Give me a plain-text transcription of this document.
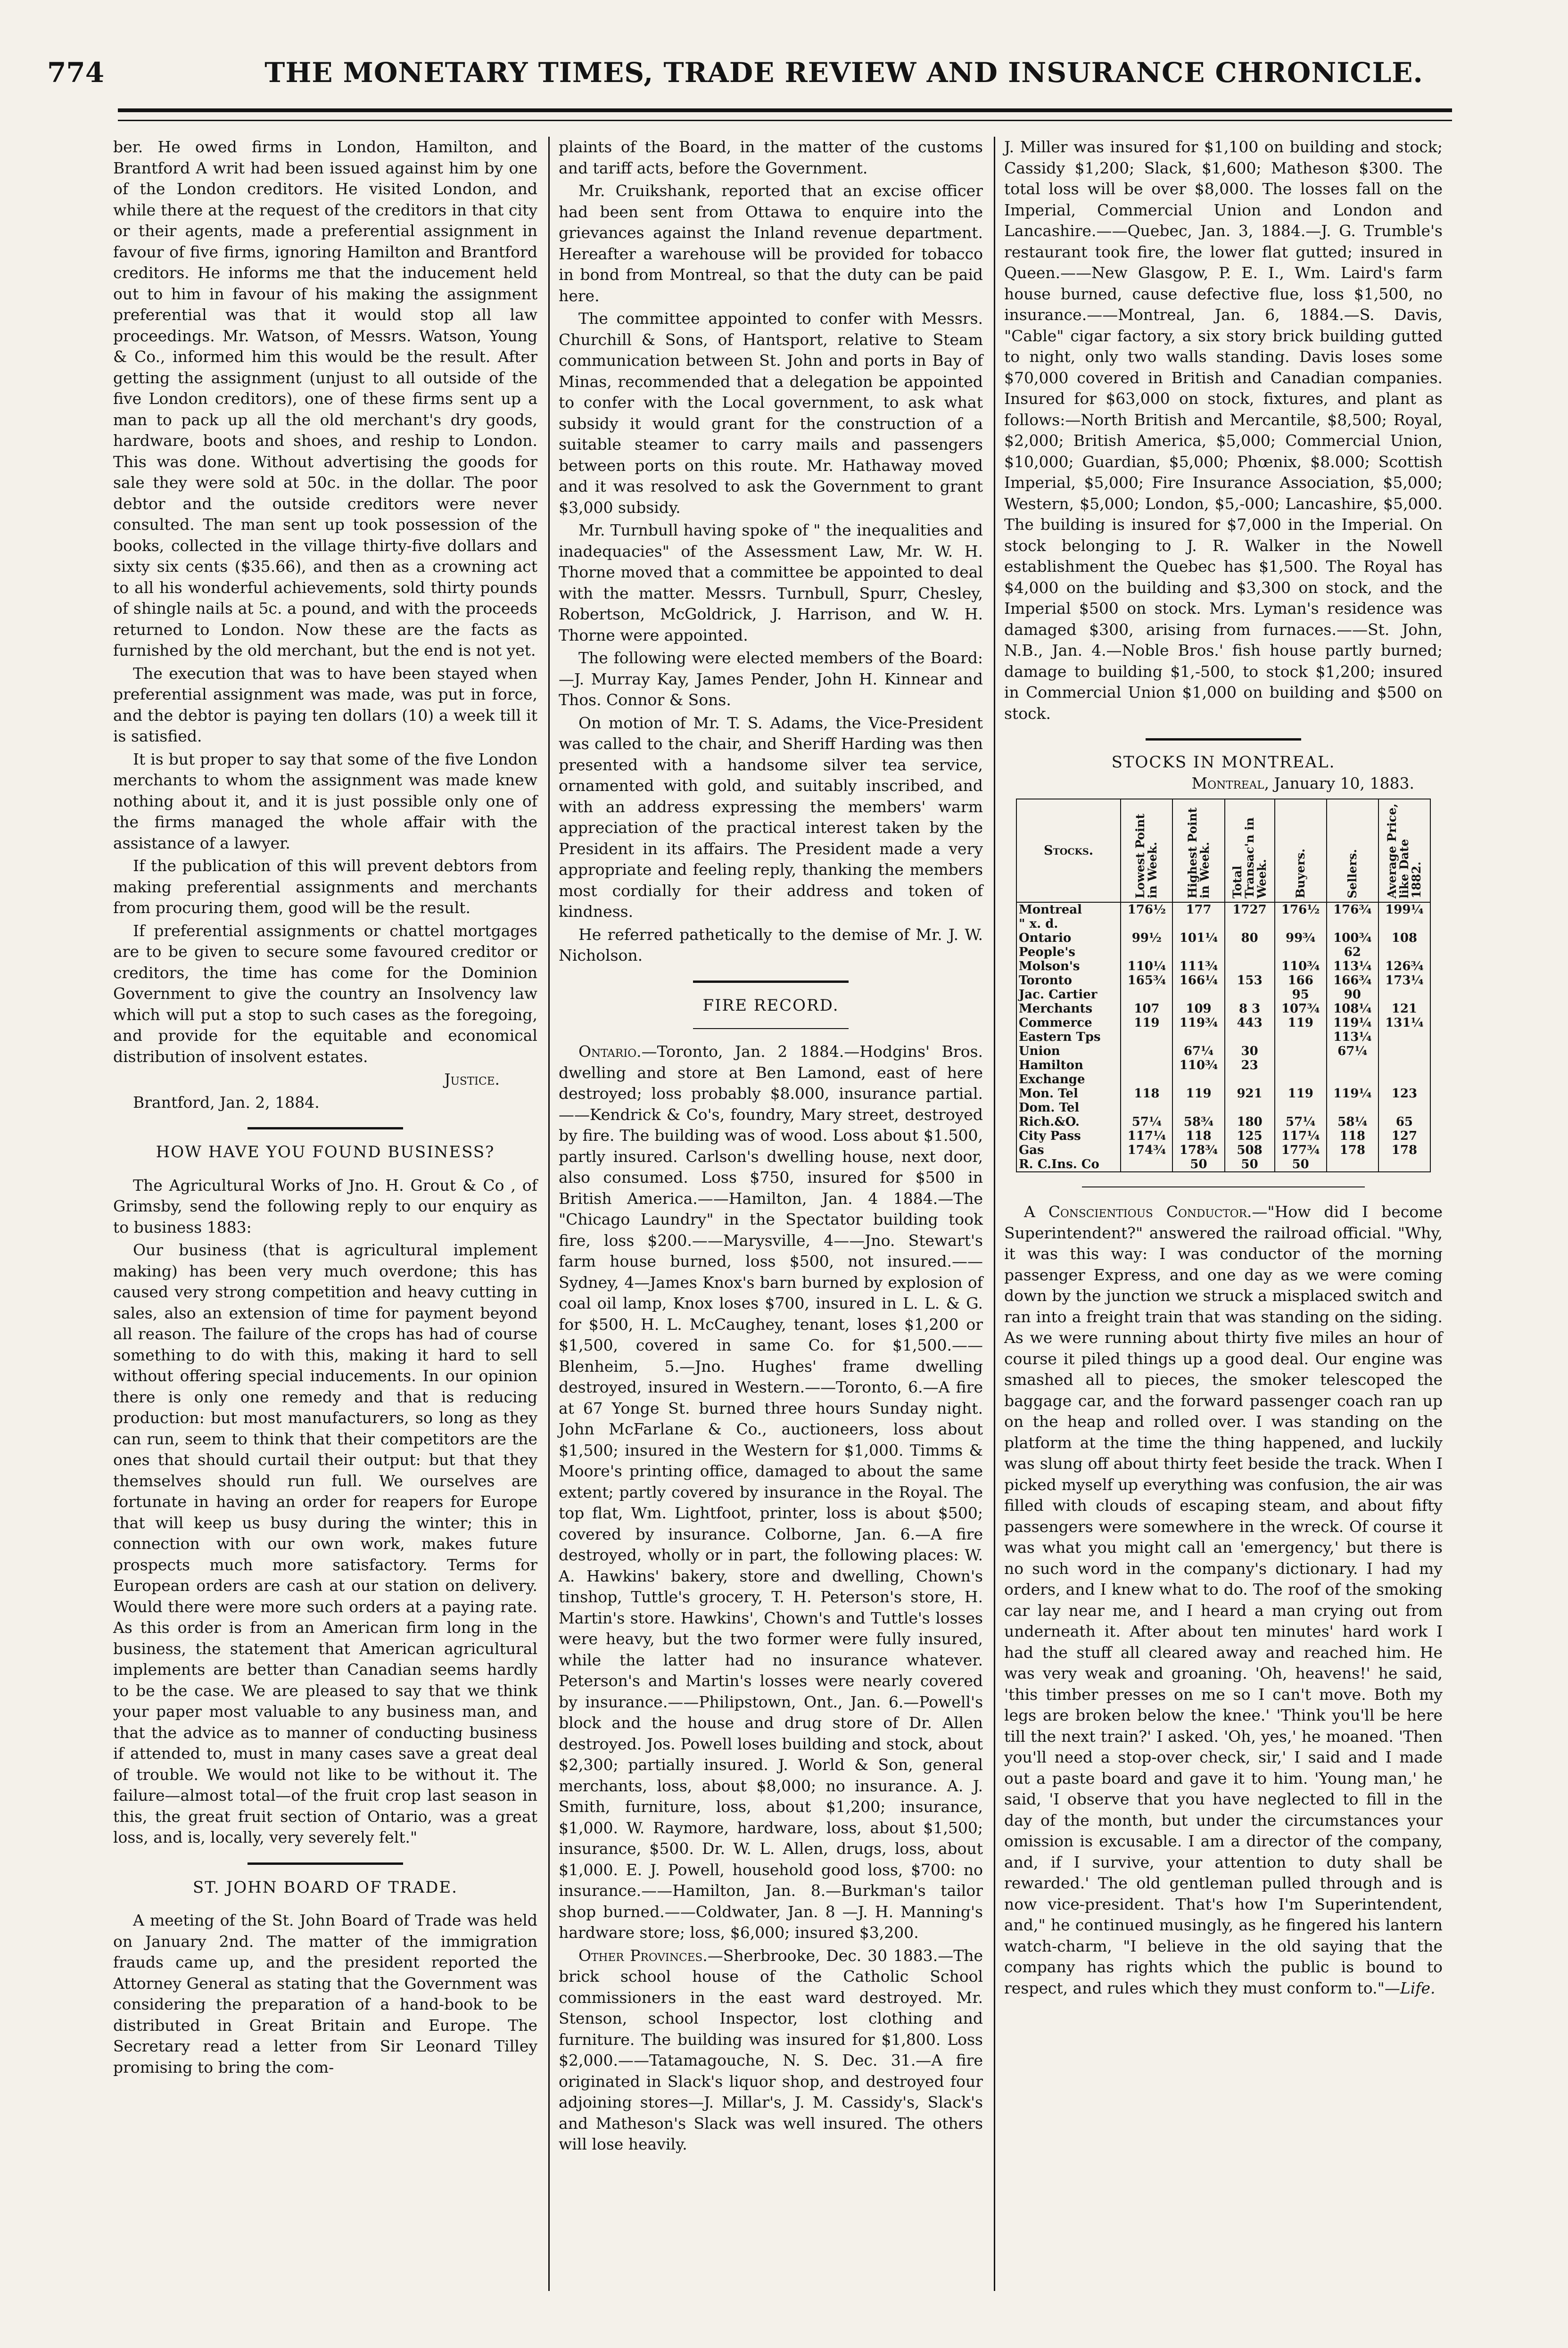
774	THE MONETARY TIMES, TRADE REVIEW AND INSURANCE CHRONICLE.

ber. He owed firms in London, Hamilton, and Brantford A writ had been issued against him by one of the London creditors. He visited London, and while there at the request of the creditors in that city or their agents, made a preferential assignment in favour of five firms, ignoring Hamilton and Brantford creditors. He informs me that the inducement held out to him in favour of his making the assignment preferential was that it would stop all law proceedings. Mr. Watson, of Messrs. Watson, Young & Co., informed him this would be the result. After getting the assignment (unjust to all outside of the five London creditors), one of these firms sent up a man to pack up all the old merchant's dry goods, hardware, boots and shoes, and reship to London. This was done. Without advertising the goods for sale they were sold at 50c. in the dollar. The poor debtor and the outside creditors were never consulted. The man sent up took possession of the books, collected in the village thirty-five dollars and sixty six cents ($35.66), and then as a crowning act to all his wonderful achievements, sold thirty pounds of shingle nails at 5c. a pound, and with the proceeds returned to London. Now these are the facts as furnished by the old merchant, but the end is not yet.

The execution that was to have been stayed when preferential assignment was made, was put in force, and the debtor is paying ten dollars (10) a week till it is satisfied.

It is but proper to say that some of the five London merchants to whom the assignment was made knew nothing about it, and it is just possible only one of the firms managed the whole affair with the assistance of a lawyer.

If the publication of this will prevent debtors from making preferential assignments and merchants from procuring them, good will be the result.

If preferential assignments or chattel mortgages are to be given to secure some favoured creditor or creditors, the time has come for the Dominion Government to give the country an Insolvency law which will put a stop to such cases as the foregoing, and provide for the equitable and economical distribution of insolvent estates.

Justice.

Brantford, Jan. 2, 1884.

HOW HAVE YOU FOUND BUSINESS?

The Agricultural Works of Jno. H. Grout & Co , of Grimsby, send the following reply to our enquiry as to business 1883:

Our business (that is agricultural implement making) has been very much overdone; this has caused very strong competition and heavy cutting in sales, also an extension of time for payment beyond all reason. The failure of the crops has had of course something to do with this, making it hard to sell without offering special inducements. In our opinion there is only one remedy and that is reducing production: but most manufacturers, so long as they can run, seem to think that their competitors are the ones that should curtail their output: but that they themselves should run full. We ourselves are fortunate in having an order for reapers for Europe that will keep us busy during the winter; this in connection with our own work, makes future prospects much more satisfactory. Terms for European orders are cash at our station on delivery. Would there were more such orders at a paying rate. As this order is from an American firm long in the business, the statement that American agricultural implements are better than Canadian seems hardly to be the case. We are pleased to say that we think your paper most valuable to any business man, and that the advice as to manner of conducting business if attended to, must in many cases save a great deal of trouble. We would not like to be without it. The failure—almost total—of the fruit crop last season in this, the great fruit section of Ontario, was a great loss, and is, locally, very severely felt."

ST. JOHN BOARD OF TRADE.

A meeting of the St. John Board of Trade was held on January 2nd. The matter of the immigration frauds came up, and the president reported the Attorney General as stating that the Government was considering the preparation of a hand-book to be distributed in Great Britain and Europe. The Secretary read a letter from Sir Leonard Tilley promising to bring the com-

plaints of the Board, in the matter of the customs and tariff acts, before the Government.

Mr. Cruikshank, reported that an excise officer had been sent from Ottawa to enquire into the grievances against the Inland revenue department. Hereafter a warehouse will be provided for tobacco in bond from Montreal, so that the duty can be paid here.

The committee appointed to confer with Messrs. Churchill & Sons, of Hantsport, relative to Steam communication between St. John and ports in Bay of Minas, recommended that a delegation be appointed to confer with the Local government, to ask what subsidy it would grant for the construction of a suitable steamer to carry mails and passengers between ports on this route. Mr. Hathaway moved and it was resolved to ask the Government to grant $3,000 subsidy.

Mr. Turnbull having spoke of " the inequalities and inadequacies" of the Assessment Law, Mr. W. H. Thorne moved that a committee be appointed to deal with the matter. Messrs. Turnbull, Spurr, Chesley, Robertson, McGoldrick, J. Harrison, and W. H. Thorne were appointed.

The following were elected members of the Board:—J. Murray Kay, James Pender, John H. Kinnear and Thos. Connor & Sons.

On motion of Mr. T. S. Adams, the Vice-President was called to the chair, and Sheriff Harding was then presented with a handsome silver tea service, ornamented with gold, and suitably inscribed, and with an address expressing the members' warm appreciation of the practical interest taken by the President in its affairs. The President made a very appropriate and feeling reply, thanking the members most cordially for their address and token of kindness.

He referred pathetically to the demise of Mr. J. W. Nicholson.

FIRE RECORD.

Ontario.—Toronto, Jan. 2 1884.—Hodgins' Bros. dwelling and store at Ben Lamond, east of here destroyed; loss probably $8.000, insurance partial.——Kendrick & Co's, foundry, Mary street, destroyed by fire. The building was of wood. Loss about $1.500, partly insured. Carlson's dwelling house, next door, also consumed. Loss $750, insured for $500 in British America.——Hamilton, Jan. 4 1884.—The "Chicago Laundry" in the Spectator building took fire, loss $200.——Marysville, 4——Jno. Stewart's farm house burned, loss $500, not insured.——Sydney, 4—James Knox's barn burned by explosion of coal oil lamp, Knox loses $700, insured in L. L. & G. for $500, H. L. McCaughey, tenant, loses $1,200 or $1,500, covered in same Co. for $1,500.——Blenheim, 5.—Jno. Hughes' frame dwelling destroyed, insured in Western.——Toronto, 6.—A fire at 67 Yonge St. burned three hours Sunday night. John McFarlane & Co., auctioneers, loss about $1,500; insured in the Western for $1,000. Timms & Moore's printing office, damaged to about the same extent; partly covered by insurance in the Royal. The top flat, Wm. Lightfoot, printer, loss is about $500; covered by insurance. Colborne, Jan. 6.—A fire destroyed, wholly or in part, the following places: W. A. Hawkins' bakery, store and dwelling, Chown's tinshop, Tuttle's grocery, T. H. Peterson's store, H. Martin's store. Hawkins', Chown's and Tuttle's losses were heavy, but the two former were fully insured, while the latter had no insurance whatever. Peterson's and Martin's losses were nearly covered by insurance.——Philipstown, Ont., Jan. 6.—Powell's block and the house and drug store of Dr. Allen destroyed. Jos. Powell loses building and stock, about $2,300; partially insured. J. World & Son, general merchants, loss, about $8,000; no insurance. A. J. Smith, furniture, loss, about $1,200; insurance, $1,000. W. Raymore, hardware, loss, about $1,500; insurance, $500. Dr. W. L. Allen, drugs, loss, about $1,000. E. J. Powell, household good loss, $700: no insurance.——Hamilton, Jan. 8.—Burkman's tailor shop burned.——Coldwater, Jan. 8 —J. H. Manning's hardware store; loss, $6,000; insured $3,200.

Other Provinces.—Sherbrooke, Dec. 30 1883.—The brick school house of the Catholic School commissioners in the east ward destroyed. Mr. Stenson, school Inspector, lost clothing and furniture. The building was insured for $1,800. Loss $2,000.——Tatamagouche, N. S. Dec. 31.—A fire originated in Slack's liquor shop, and destroyed four adjoining stores—J. Millar's, J. M. Cassidy's, Slack's and Matheson's Slack was well insured. The others will lose heavily.

J. Miller was insured for $1,100 on building and stock; Cassidy $1,200; Slack, $1,600; Matheson $300. The total loss will be over $8,000. The losses fall on the Imperial, Commercial Union and London and Lancashire.——Quebec, Jan. 3, 1884.—J. G. Trumble's restaurant took fire, the lower flat gutted; insured in Queen.——New Glasgow, P. E. I., Wm. Laird's farm house burned, cause defective flue, loss $1,500, no insurance.——Montreal, Jan. 6, 1884.—S. Davis, "Cable" cigar factory, a six story brick building gutted to night, only two walls standing. Davis loses some $70,000 covered in British and Canadian companies. Insured for $63,000 on stock, fixtures, and plant as follows:—North British and Mercantile, $8,500; Royal, $2,000; British America, $5,000; Commercial Union, $10,000; Guardian, $5,000; Phœnix, $8.000; Scottish Imperial, $5,000; Fire Insurance Association, $5,000; Western, $5,000; London, $5,-000; Lancashire, $5,000. The building is insured for $7,000 in the Imperial. On stock belonging to J. R. Walker in the Nowell establishment the Quebec has $1,500. The Royal has $4,000 on the building and $3,300 on stock, and the Imperial $500 on stock. Mrs. Lyman's residence was damaged $300, arising from furnaces.——St. John, N.B., Jan. 4.—Noble Bros.' fish house partly burned; damage to building $1,-500, to stock $1,200; insured in Commercial Union $1,000 on building and $500 on stock.

STOCKS IN MONTREAL.
Montreal, January 10, 1883.
Stocks.	Lowest Point in Week.	Highest Point in Week.	Total Transac'n in Week.	Buyers.	Sellers.	Average Price, like Date 1882.
Montreal	176½	177	1727	176½	176¾	199¼
" x. d.						
Ontario	99½	101¼	80	99¾	100¾	108
People's					62	
Molson's	110¼	111¾		110¾	113¼	126¾
Toronto	165¾	166¼	153	166	166¾	173¼
Jac. Cartier				95	90	
Merchants	107	109	8 3	107¾	108¼	121
Commerce	119	119¾	443	119	119¼	131¼
Eastern Tps					113¼	
Union		67¼	30		67¼	
Hamilton		110¾	23			
Exchange						
Mon. Tel	118	119	921	119	119¼	123
Dom. Tel						
Rich.&O.	57¼	58¾	180	57¼	58¼	65
City Pass	117¼	118	125	117¼	118	127
Gas	174¾	178¾	508	177¾	178	178
R. C.Ins. Co		50	50	50		

A Conscientious Conductor.—"How did I become Superintendent?" answered the railroad official. "Why, it was this way: I was conductor of the morning passenger Express, and one day as we were coming down by the junction we struck a misplaced switch and ran into a freight train that was standing on the siding. As we were running about thirty five miles an hour of course it piled things up a good deal. Our engine was smashed all to pieces, the smoker telescoped the baggage car, and the forward passenger coach ran up on the heap and rolled over. I was standing on the platform at the time the thing happened, and luckily was slung off about thirty feet beside the track. When I picked myself up everything was confusion, the air was filled with clouds of escaping steam, and about fifty passengers were somewhere in the wreck. Of course it was what you might call an 'emergency,' but there is no such word in the company's dictionary. I had my orders, and I knew what to do. The roof of the smoking car lay near me, and I heard a man crying out from underneath it. After about ten minutes' hard work I had the stuff all cleared away and reached him. He was very weak and groaning. 'Oh, heavens!' he said, 'this timber presses on me so I can't move. Both my legs are broken below the knee.' 'Think you'll be here till the next train?' I asked. 'Oh, yes,' he moaned. 'Then you'll need a stop-over check, sir,' I said and I made out a paste board and gave it to him. 'Young man,' he said, 'I observe that you have neglected to fill in the day of the month, but under the circumstances your omission is excusable. I am a director of the company, and, if I survive, your attention to duty shall be rewarded.' The old gentleman pulled through and is now vice-president. That's how I'm Superintendent, and," he continued musingly, as he fingered his lantern watch-charm, "I believe in the old saying that the company has rights which the public is bound to respect, and rules which they must conform to."—Life.
